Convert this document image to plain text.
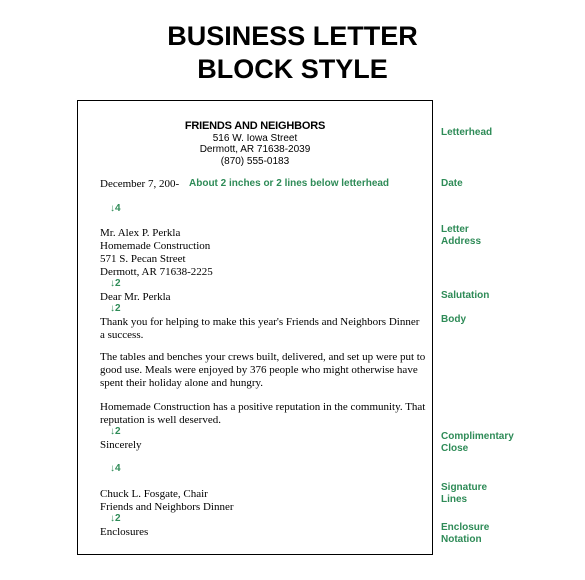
BUSINESS LETTER
BLOCK STYLE
FRIENDS AND NEIGHBORS
516 W. Iowa Street
Dermott, AR 71638-2039
(870) 555-0183
December 7, 200- About 2 inches or 2 lines below letterhead
↓4
Mr. Alex P. Perkla
Homemade Construction
571 S. Pecan Street
Dermott, AR 71638-2225
↓2
Dear Mr. Perkla
↓2
Thank you for helping to make this year's Friends and Neighbors Dinner
a success.
The tables and benches your crews built, delivered, and set up were put to
good use. Meals were enjoyed by 376 people who might otherwise have
spent their holiday alone and hungry.
Homemade Construction has a positive reputation in the community. That
reputation is well deserved.
↓2
Sincerely
↓4
Chuck L. Fosgate, Chair
Friends and Neighbors Dinner
↓2
Enclosures
Letterhead
Date
Letter
Address
Salutation
Body
Complimentary
Close
Signature
Lines
Enclosure
Notation
